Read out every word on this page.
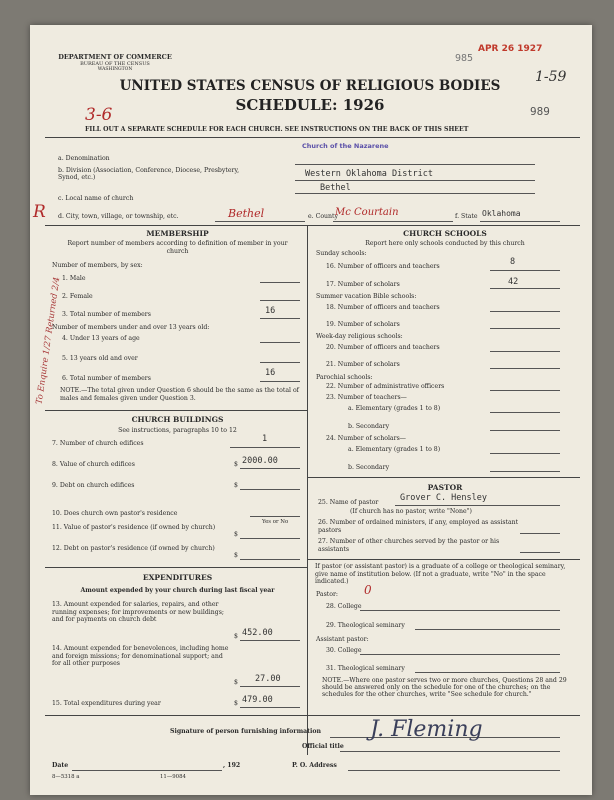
DEPARTMENT OF COMMERCE
BUREAU OF THE CENSUS
WASHINGTON
APR 26 1927
985
1-59
UNITED STATES CENSUS OF RELIGIOUS BODIES
SCHEDULE: 1926
3-6	989
FILL OUT A SEPARATE SCHEDULE FOR EACH CHURCH. SEE INSTRUCTIONS ON THE BACK OF THIS SHEET
Church of the Nazarene
a. Denomination
b. Division (Association, Conference, Diocese, Presbytery, Synod, etc.)	Western Oklahoma District
Bethel
c. Local name of church
R d. City, town, village, or township, etc.	Bethel	e. County
Mc Courtain	f. State Oklahoma
To Enquire 1/27 Returned 2/4
MEMBERSHIP
Report number of members according to definition of member in your church
Number of members, by sex:
1. Male
2. Female
3. Total number of members	16
Number of members under and over 13 years old:
4. Under 13 years of age
5. 13 years old and over
6. Total number of members
16
NOTE.—The total given under Question 6 should be the same as the total of males and females given under Question 3.
CHURCH BUILDINGS
See instructions, paragraphs 10 to 12
7. Number of church edifices	1
8. Value of church edifices	$ 2000.00
9. Debt on church edifices	$
10. Does church own pastor's residence
Yes or No
11. Value of pastor's residence (if owned by church)
$
12. Debt on pastor's residence (if owned by church)
$
EXPENDITURES
Amount expended by your church during last fiscal year
13. Amount expended for salaries, repairs, and other running expenses; for improvements or new buildings; and for payments on church debt
$ 452.00
14. Amount expended for benevolences, including home and foreign missions; for denominational support; and for all other purposes
$ 27.00
15. Total expenditures during year	$ 479.00
CHURCH SCHOOLS
Report here only schools conducted by this church
Sunday schools:
16. Number of officers and teachers	8
17. Number of scholars	42
Summer vacation Bible schools:
18. Number of officers and teachers
19. Number of scholars
Week-day religious schools:
20. Number of officers and teachers
21. Number of scholars
Parochial schools:
22. Number of administrative officers
23. Number of teachers—
a. Elementary (grades 1 to 8)
b. Secondary
24. Number of scholars—
a. Elementary (grades 1 to 8)
b. Secondary
PASTOR
25. Name of pastor	Grover C. Hensley
(If church has no pastor, write "None")
26. Number of ordained ministers, if any, employed as assistant pastors
27. Number of other churches served by the pastor or his assistants
If pastor (or assistant pastor) is a graduate of a college or theological seminary, give name of institution below. (If not a graduate, write "No" in the space indicated.)
Pastor: 0
28. College
29. Theological seminary
Assistant pastor:
30. College
31. Theological seminary
NOTE.—Where one pastor serves two or more churches, Questions 28 and 29 should be answered only on the schedule for one of the churches; on the schedules for the other churches, write "See schedule for church."
Signature of person furnishing information J. Fleming
Official title
Date	, 192	P. O. Address
8—5318 a	11—9084
